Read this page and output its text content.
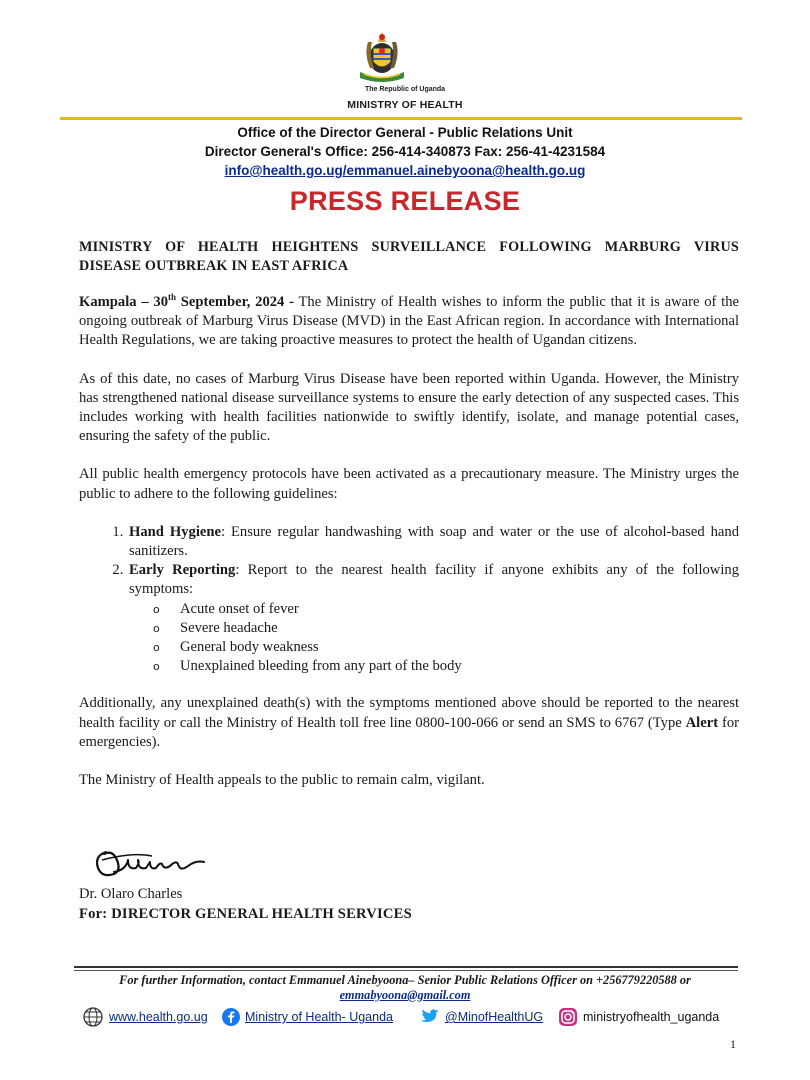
The Republic of Uganda
MINISTRY OF HEALTH
Office of the Director General - Public Relations Unit
Director General's Office: 256-414-340873 Fax: 256-41-4231584
info@health.go.ug/emmanuel.ainebyoona@health.go.ug
PRESS RELEASE
MINISTRY OF HEALTH HEIGHTENS SURVEILLANCE FOLLOWING MARBURG VIRUS DISEASE OUTBREAK IN EAST AFRICA

Kampala – 30th September, 2024 - The Ministry of Health wishes to inform the public that it is aware of the ongoing outbreak of Marburg Virus Disease (MVD) in the East African region. In accordance with International Health Regulations, we are taking proactive measures to protect the health of Ugandan citizens.

As of this date, no cases of Marburg Virus Disease have been reported within Uganda. However, the Ministry has strengthened national disease surveillance systems to ensure the early detection of any suspected cases. This includes working with health facilities nationwide to swiftly identify, isolate, and manage potential cases, ensuring the safety of the public.

All public health emergency protocols have been activated as a precautionary measure. The Ministry urges the public to adhere to the following guidelines:

1. Hand Hygiene: Ensure regular handwashing with soap and water or the use of alcohol-based hand sanitizers.
2. Early Reporting: Report to the nearest health facility if anyone exhibits any of the following symptoms:
o Acute onset of fever
o Severe headache
o General body weakness
o Unexplained bleeding from any part of the body

Additionally, any unexplained death(s) with the symptoms mentioned above should be reported to the nearest health facility or call the Ministry of Health toll free line 0800-100-066 or send an SMS to 6767 (Type Alert for emergencies).

The Ministry of Health appeals to the public to remain calm, vigilant.

Dr. Olaro Charles
For: DIRECTOR GENERAL HEALTH SERVICES
For further Information, contact Emmanuel Ainebyoona– Senior Public Relations Officer on +256779220588 or
emmabyoona@gmail.com
www.health.go.ug	Ministry of Health- Uganda	@MinofHealthUG	ministryofhealth_uganda
1
